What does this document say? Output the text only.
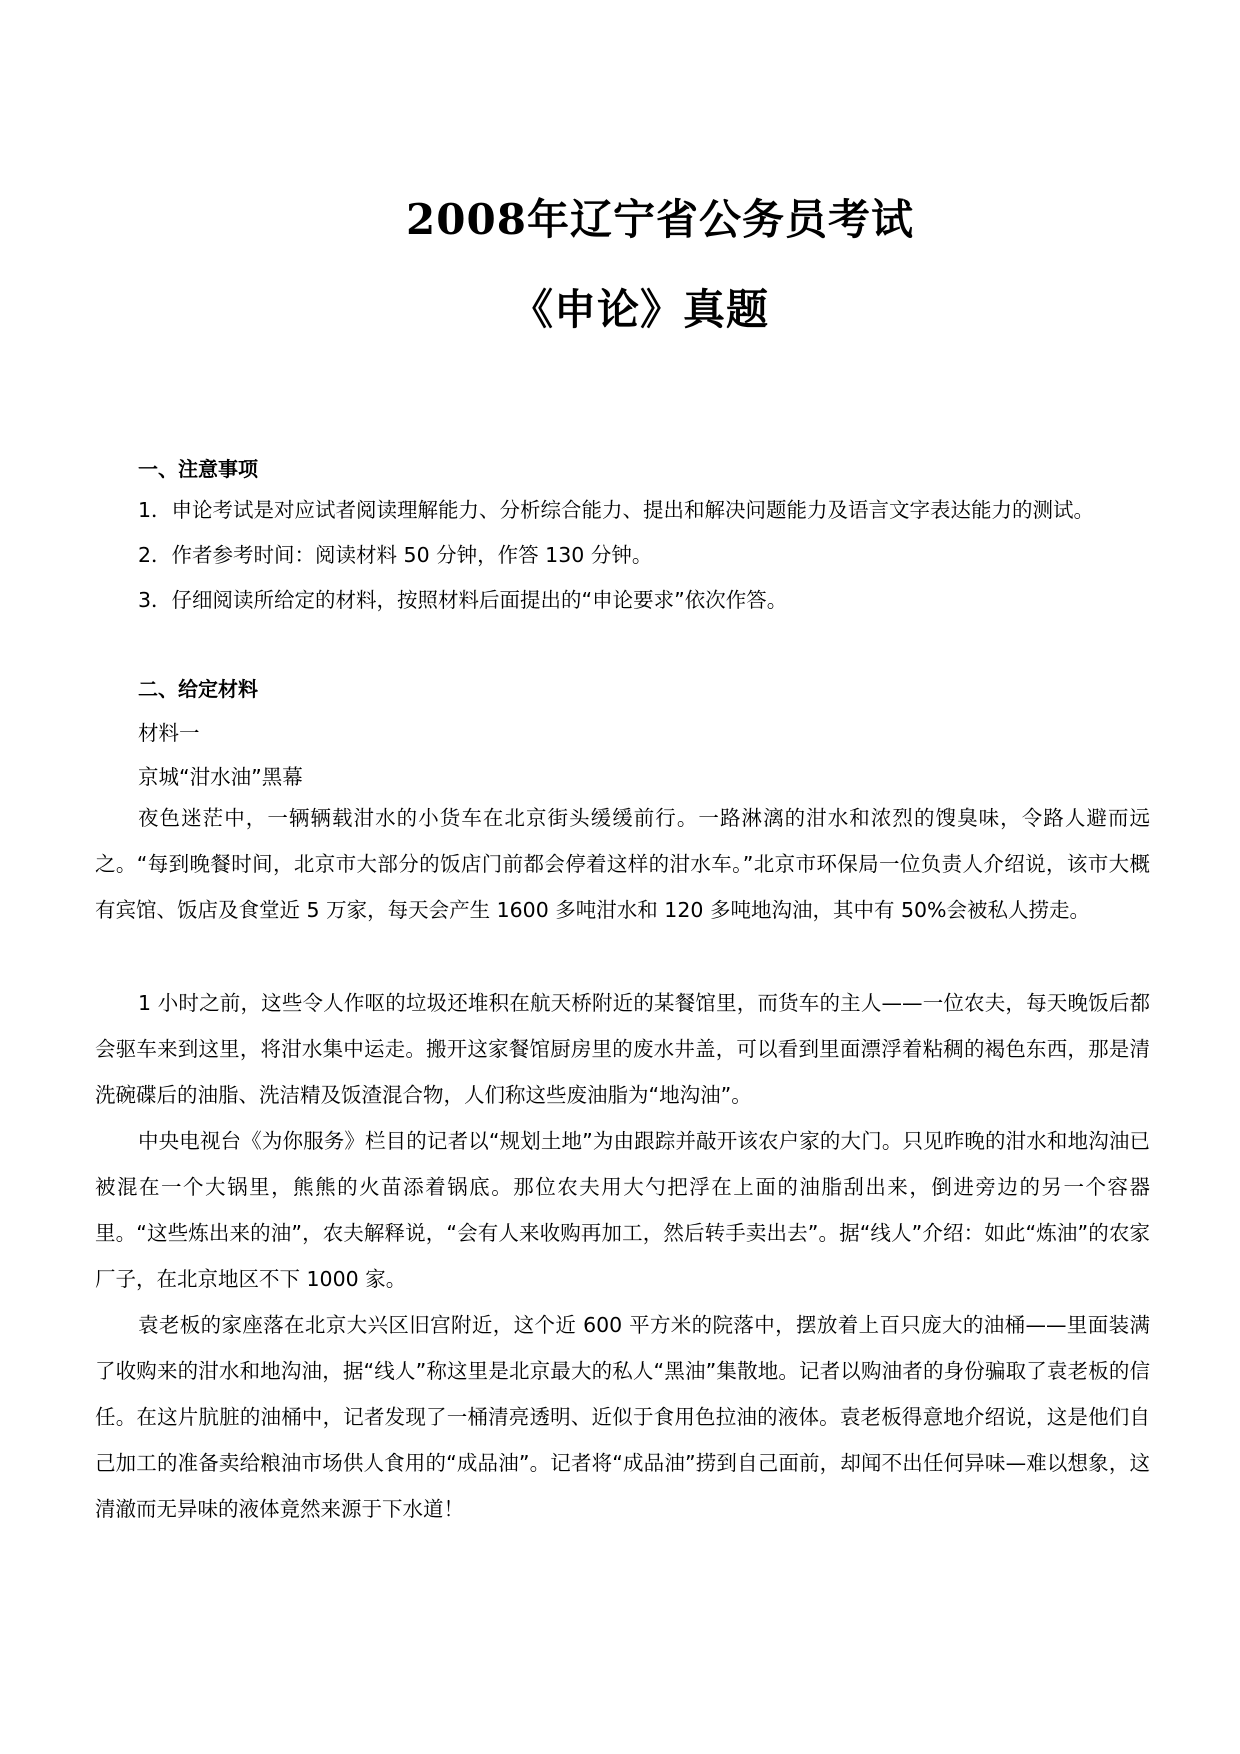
2008年辽宁省公务员考试
《申论》真题
一、注意事项
1．申论考试是对应试者阅读理解能力、分析综合能力、提出和解决问题能力及语言文字表达能力的测试。
2．作者参考时间：阅读材料 50 分钟，作答 130 分钟。
3．仔细阅读所给定的材料，按照材料后面提出的“申论要求”依次作答。
二、给定材料
材料一
京城“泔水油”黑幕

夜色迷茫中，一辆辆载泔水的小货车在北京街头缓缓前行。一路淋漓的泔水和浓烈的馊臭味，令路人避而远之。“每到晚餐时间，北京市大部分的饭店门前都会停着这样的泔水车。”北京市环保局一位负责人介绍说，该市大概有宾馆、饭店及食堂近 5 万家，每天会产生 1600 多吨泔水和 120 多吨地沟油，其中有 50%会被私人捞走。

1 小时之前，这些令人作呕的垃圾还堆积在航天桥附近的某餐馆里，而货车的主人——一位农夫，每天晚饭后都会驱车来到这里，将泔水集中运走。搬开这家餐馆厨房里的废水井盖，可以看到里面漂浮着粘稠的褐色东西，那是清洗碗碟后的油脂、洗洁精及饭渣混合物，人们称这些废油脂为“地沟油”。

中央电视台《为你服务》栏目的记者以“规划土地”为由跟踪并敲开该农户家的大门。只见昨晚的泔水和地沟油已被混在一个大锅里，熊熊的火苗添着锅底。那位农夫用大勺把浮在上面的油脂刮出来，倒进旁边的另一个容器里。“这些炼出来的油”，农夫解释说，“会有人来收购再加工，然后转手卖出去”。据“线人”介绍：如此“炼油”的农家厂子，在北京地区不下 1000 家。

袁老板的家座落在北京大兴区旧宫附近，这个近 600 平方米的院落中，摆放着上百只庞大的油桶——里面装满了收购来的泔水和地沟油，据“线人”称这里是北京最大的私人“黑油”集散地。记者以购油者的身份骗取了袁老板的信任。在这片肮脏的油桶中，记者发现了一桶清亮透明、近似于食用色拉油的液体。袁老板得意地介绍说，这是他们自己加工的准备卖给粮油市场供人食用的“成品油”。记者将“成品油”捞到自己面前，却闻不出任何异味—难以想象，这清澈而无异味的液体竟然来源于下水道！
